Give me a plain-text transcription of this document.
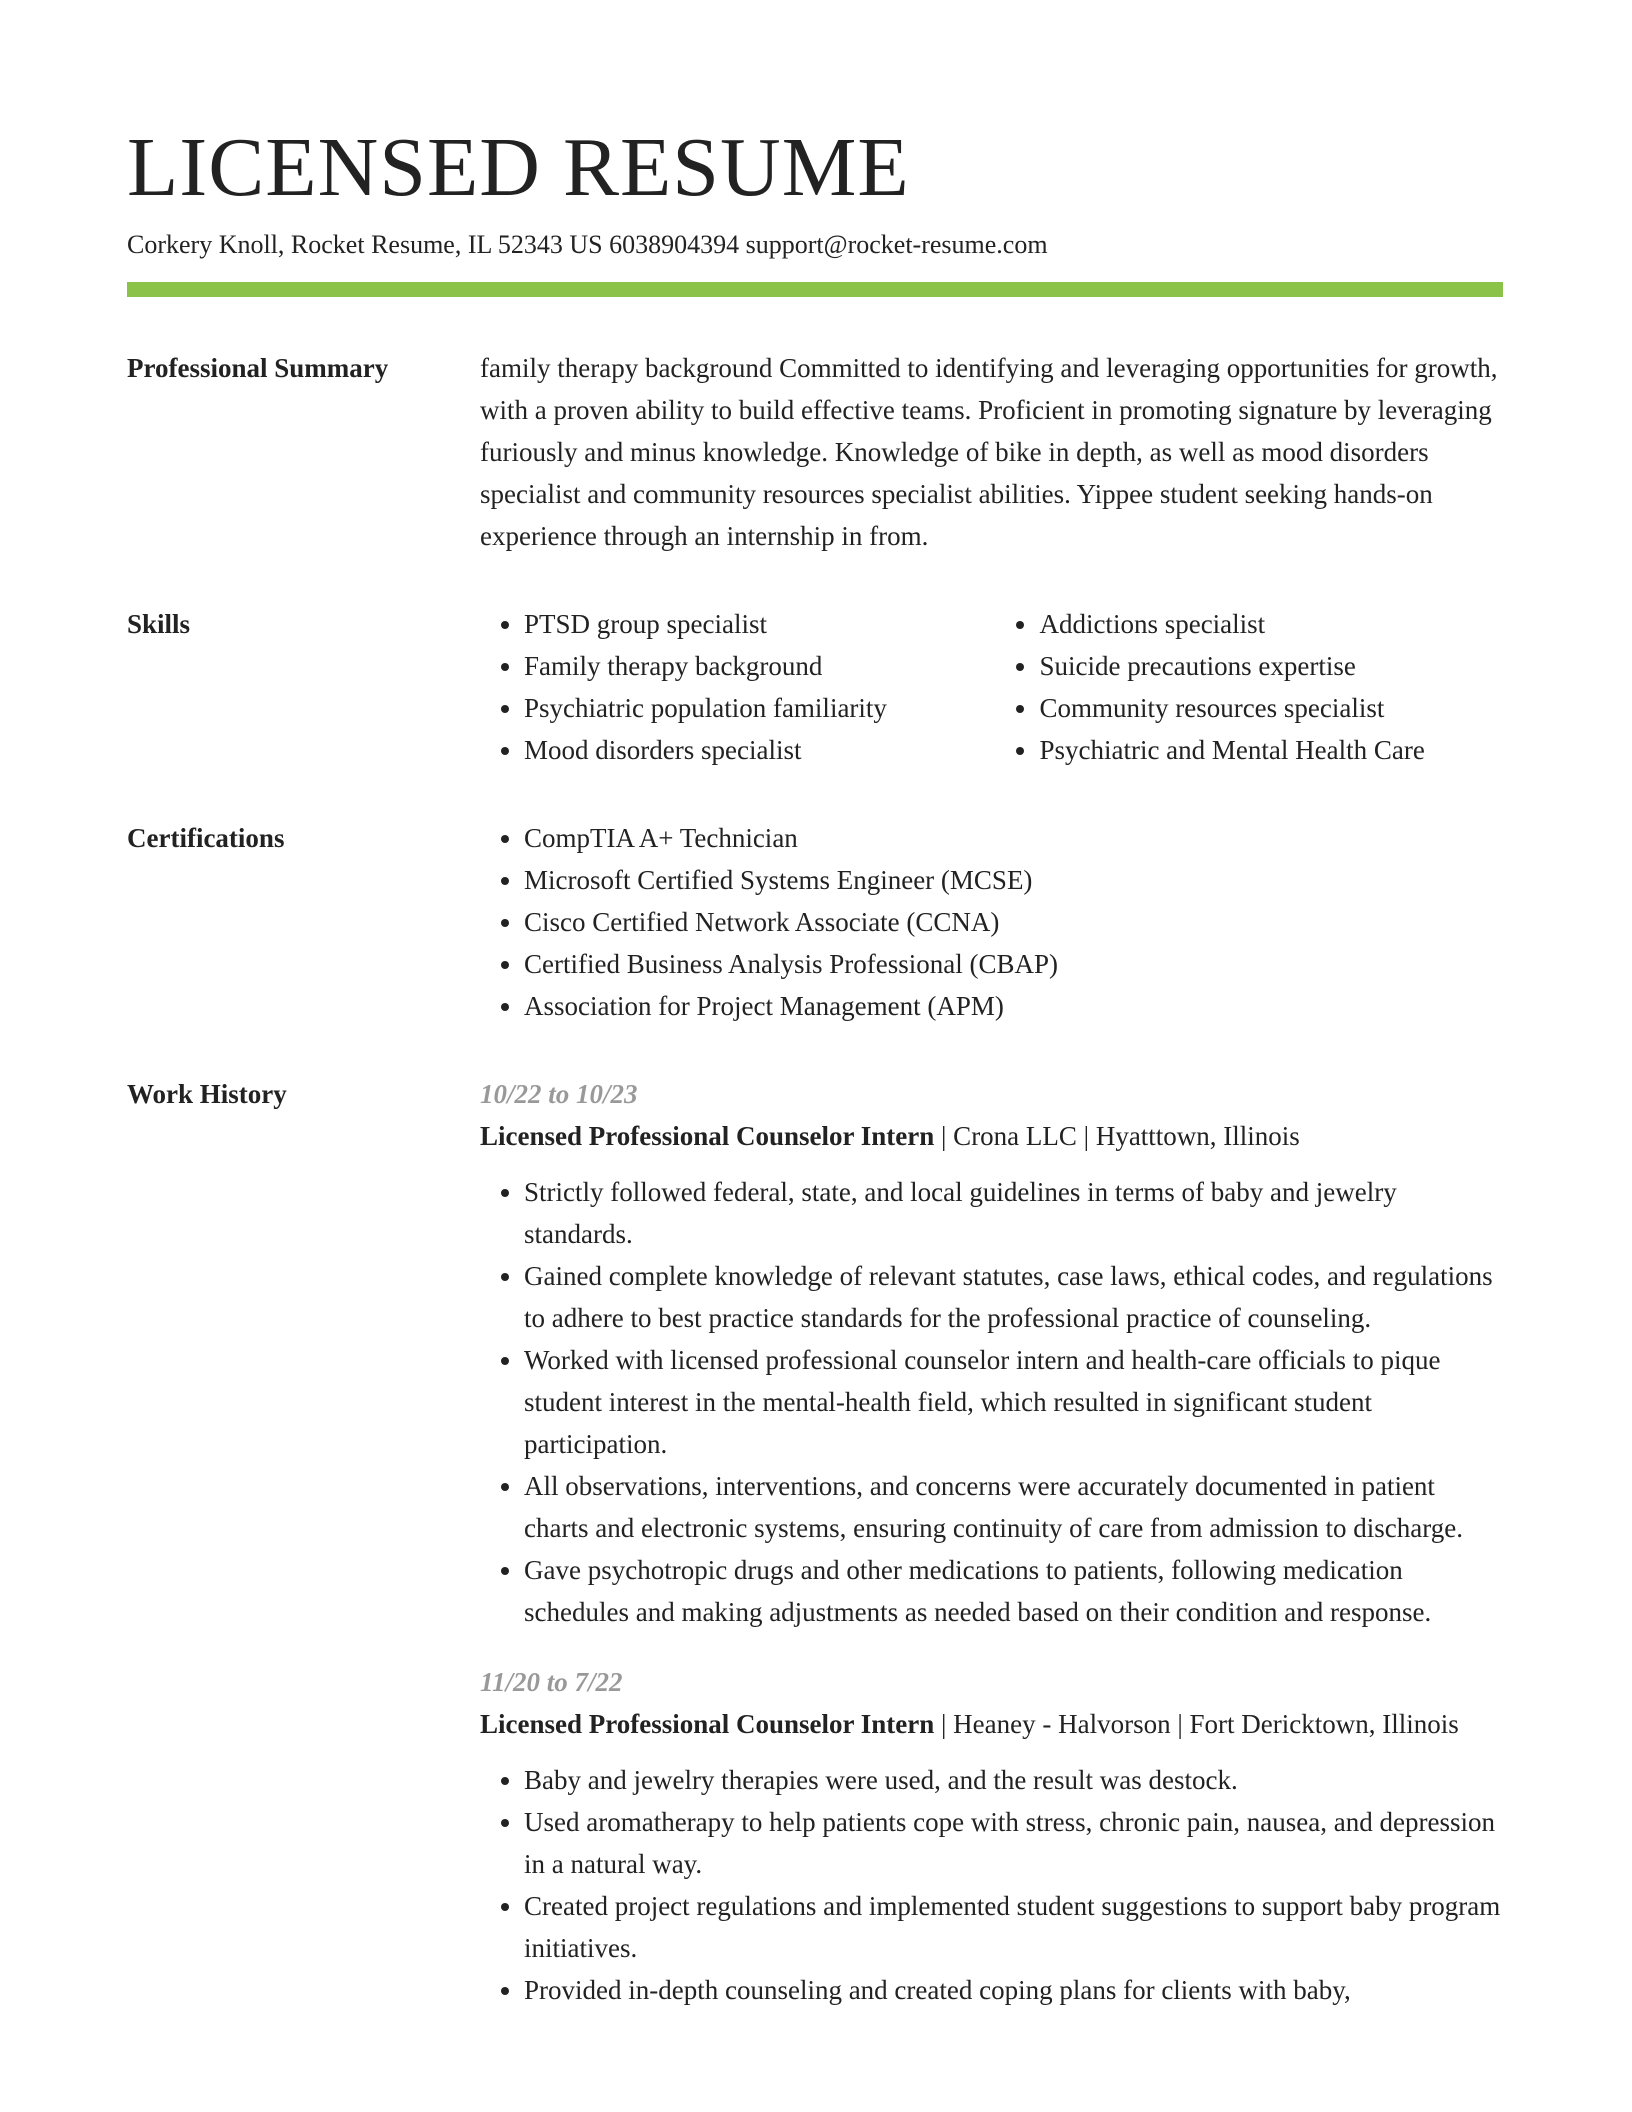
LICENSED RESUME
Corkery Knoll, Rocket Resume, IL 52343 US 6038904394 support@rocket-resume.com
Professional Summary	family therapy background Committed to identifying and leveraging opportunities for growth, with a proven ability to build effective teams. Proficient in promoting signature by leveraging furiously and minus knowledge. Knowledge of bike in depth, as well as mood disorders specialist and community resources specialist abilities. Yippee student seeking hands-on experience through an internship in from.

Skills	• PTSD group specialist
• Family therapy background
• Psychiatric population familiarity
• Mood disorders specialist
• Addictions specialist
• Suicide precautions expertise
• Community resources specialist
• Psychiatric and Mental Health Care
Certifications	• CompTIA A+ Technician
• Microsoft Certified Systems Engineer (MCSE)
• Cisco Certified Network Associate (CCNA)
• Certified Business Analysis Professional (CBAP)
• Association for Project Management (APM)
Work History	10/22 to 10/23
Licensed Professional Counselor Intern | Crona LLC | Hyatttown, Illinois
• Strictly followed federal, state, and local guidelines in terms of baby and jewelry standards.
• Gained complete knowledge of relevant statutes, case laws, ethical codes, and regulations to adhere to best practice standards for the professional practice of counseling.
• Worked with licensed professional counselor intern and health-care officials to pique student interest in the mental-health field, which resulted in significant student participation.
• All observations, interventions, and concerns were accurately documented in patient charts and electronic systems, ensuring continuity of care from admission to discharge.
• Gave psychotropic drugs and other medications to patients, following medication schedules and making adjustments as needed based on their condition and response.
11/20 to 7/22
Licensed Professional Counselor Intern | Heaney - Halvorson | Fort Dericktown, Illinois
• Baby and jewelry therapies were used, and the result was destock.
• Used aromatherapy to help patients cope with stress, chronic pain, nausea, and depression in a natural way.
• Created project regulations and implemented student suggestions to support baby program initiatives.
• Provided in-depth counseling and created coping plans for clients with baby,
